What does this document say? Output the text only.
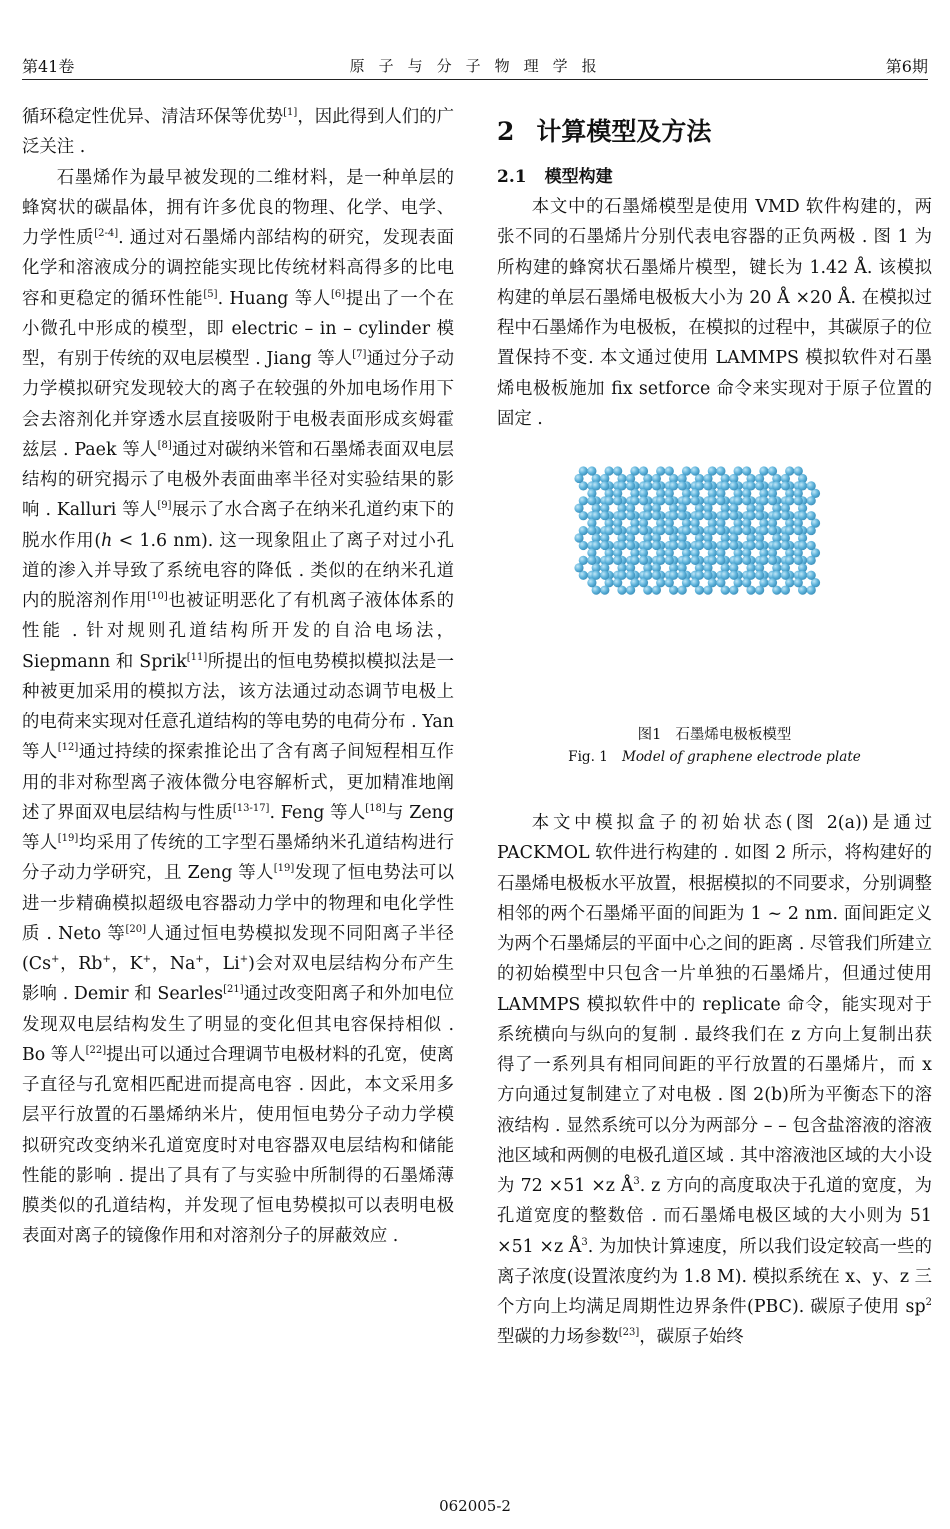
第41卷	原子与分子物理学报	第6期

循环稳定性优异、清洁环保等优势[1]，因此得到人们的广泛关注 .

石墨烯作为最早被发现的二维材料，是一种单层的蜂窝状的碳晶体，拥有许多优良的物理、化学、电学、力学性质[2-4]. 通过对石墨烯内部结构的研究，发现表面化学和溶液成分的调控能实现比传统材料高得多的比电容和更稳定的循环性能[5]. Huang 等人[6]提出了一个在小微孔中形成的模型，即 electric – in – cylinder 模型，有别于传统的双电层模型 . Jiang 等人[7]通过分子动力学模拟研究发现较大的离子在较强的外加电场作用下会去溶剂化并穿透水层直接吸附于电极表面形成亥姆霍兹层 . Paek 等人[8]通过对碳纳米管和石墨烯表面双电层结构的研究揭示了电极外表面曲率半径对实验结果的影响 . Kalluri 等人[9]展示了水合离子在纳米孔道约束下的脱水作用(h < 1.6 nm). 这一现象阻止了离子对过小孔道的渗入并导致了系统电容的降低 . 类似的在纳米孔道内的脱溶剂作用[10]也被证明恶化了有机离子液体体系的性能 . 针对规则孔道结构所开发的自洽电场法，Siepmann 和 Sprik[11]所提出的恒电势模拟模拟法是一种被更加采用的模拟方法，该方法通过动态调节电极上的电荷来实现对任意孔道结构的等电势的电荷分布 . Yan 等人[12]通过持续的探索推论出了含有离子间短程相互作用的非对称型离子液体微分电容解析式，更加精准地阐述了界面双电层结构与性质[13-17]. Feng 等人[18]与 Zeng 等人[19]均采用了传统的工字型石墨烯纳米孔道结构进行分子动力学研究，且 Zeng 等人[19]发现了恒电势法可以进一步精确模拟超级电容器动力学中的物理和电化学性质 . Neto 等[20]人通过恒电势模拟发现不同阳离子半径(Cs+，Rb+，K+，Na+，Li+)会对双电层结构分布产生影响 . Demir 和 Searles[21]通过改变阳离子和外加电位发现双电层结构发生了明显的变化但其电容保持相似 . Bo 等人[22]提出可以通过合理调节电极材料的孔宽，使离子直径与孔宽相匹配进而提高电容 . 因此，本文采用多层平行放置的石墨烯纳米片，使用恒电势分子动力学模拟研究改变纳米孔道宽度时对电容器双电层结构和储能性能的影响 . 提出了具有了与实验中所制得的石墨烯薄膜类似的孔道结构，并发现了恒电势模拟可以表明电极表面对离子的镜像作用和对溶剂分子的屏蔽效应 .

2 计算模型及方法

2.1 模型构建

本文中的石墨烯模型是使用 VMD 软件构建的，两张不同的石墨烯片分别代表电容器的正负两极 . 图 1 为所构建的蜂窝状石墨烯片模型，键长为 1.42 Å. 该模拟构建的单层石墨烯电极板大小为 20 Å ×20 Å. 在模拟过程中石墨烯作为电极板，在模拟的过程中，其碳原子的位置保持不变. 本文通过使用 LAMMPS 模拟软件对石墨烯电极板施加 fix setforce 命令来实现对于原子位置的固定 .

图1 石墨烯电极板模型

Fig. 1 Model of graphene electrode plate

本文中模拟盒子的初始状态(图 2(a))是通过 PACKMOL 软件进行构建的 . 如图 2 所示，将构建好的石墨烯电极板水平放置，根据模拟的不同要求，分别调整相邻的两个石墨烯平面的间距为 1 ~ 2 nm. 面间距定义为两个石墨烯层的平面中心之间的距离 . 尽管我们所建立的初始模型中只包含一片单独的石墨烯片，但通过使用 LAMMPS 模拟软件中的 replicate 命令，能实现对于系统横向与纵向的复制 . 最终我们在 z 方向上复制出获得了一系列具有相同间距的平行放置的石墨烯片，而 x 方向通过复制建立了对电极 . 图 2(b)所为平衡态下的溶液结构 . 显然系统可以分为两部分 – – 包含盐溶液的溶液池区域和两侧的电极孔道区域 . 其中溶液池区域的大小设为 72 ×51 ×z $Å^3$. z 方向的高度取决于孔道的宽度，为孔道宽度的整数倍 . 而石墨烯电极区域的大小则为 51 ×51 ×z $Å^3$. 为加快计算速度，所以我们设定较高一些的离子浓度(设置浓度约为 1.8 M). 模拟系统在 x、y、z 三个方向上均满足周期性边界条件(PBC). 碳原子使用 $sp^2$ 型碳的力场参数[23]，碳原子始终

062005-2
